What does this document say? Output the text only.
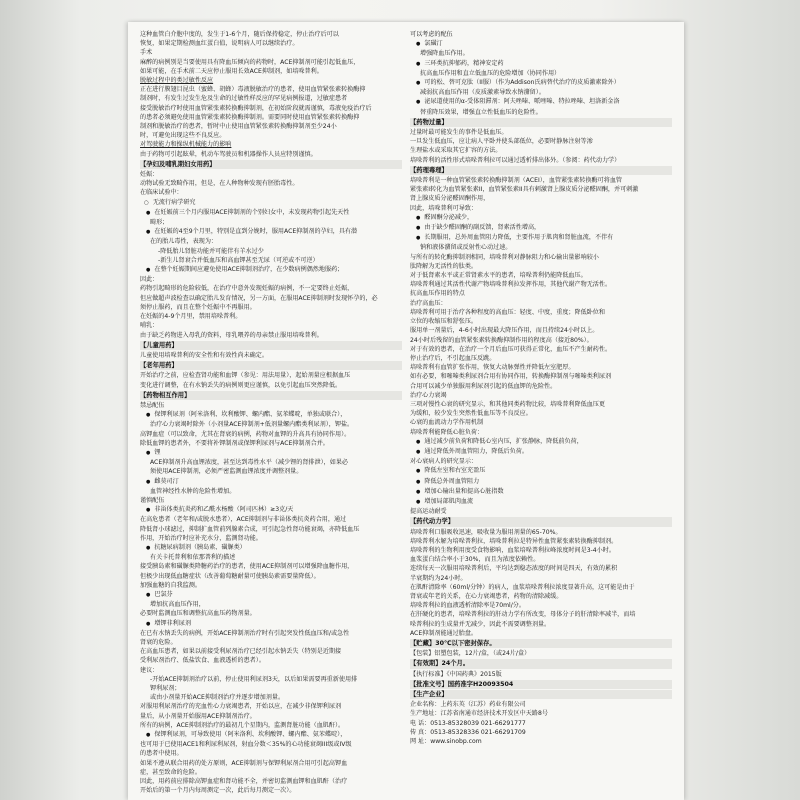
这种血管白介胞中度的，发生于1-6个月，随后保持稳定，停止治疗后可以
恢复，如果定期检测血红蛋白值，说明病人可以继续治疗。
手术
麻醉的病例别是当要使用具有降血压倾向的药物时，ACE抑制剂可能引起低血压，
如果可能，在手术前二天应停止服用长效ACE抑制剂，如培哚普利。
脱敏过程中的类过敏性反应
正在进行膜翅目昆虫（蜜蜂、胡蜂）毒液脱敏治疗的患者，使用血管紧张素转换酶抑
制剂时，有发生过发生危及生命的过敏性样反应的罕见病例报道，过敏症患者
接受脱敏治疗时使用血管紧张素转换酶抑制剂，在初始阶段就需谨慎，毒液免疫治疗后
的患者必须避免使用血管紧张素转换酶抑制剂。需要同时使用血管紧张素转换酶抑
制剂和脱敏治疗的患者，暂时中止使用血管紧张素转换酶抑制剂至少24小
时，可避免出现这些不良反应。
对驾驶能力和操纵机械能力的影响
由于药物可引起眩晕，机动车驾驶员和机器操作人员应特别谨慎。
【孕妇及哺乳期妇女用药】
妊娠：
动物试验无致畸作用，但是，在人种物种发现有胚胎毒性。
在临床试验中：
○ 无流行病学研究
● 在妊娠前三个月内服用ACE抑制剂的个别妇女中，未发现药物引起先天性
畸形；
● 在妊娠的4至9个月里，特别是直到分娩时，服用ACE抑制剂的孕妇，具有潜
在的胎儿毒性，表现为：
-降低胎儿肾脏功能并可能伴有羊水过少
-新生儿肾衰合并低血压和高血钾甚至无尿（可逆或不可逆）
● 在整个妊娠期间应避免使用ACE抑制剂治疗，在少数病例偶然地服药；
因此：
药物引起畸形的危险较低，在治疗中意外发现妊娠的病例，不一定要终止妊娠，
但应做超声波检查以确定胎儿发育情况，另一方面，在服用ACE抑制剂时发现怀孕的，必
须停止服药，而且在整个妊娠中不再服用。
在妊娠的4-9个月里，禁用培哚普利。
哺乳：
由于缺乏药物进入母乳的资料，母乳喂养的母亲禁止服用培哚普利。
【儿童用药】
儿童使用培哚普利的安全性和有效性尚未确定。
【老年用药】
开始治疗之前，应检查肾功能和血钾（参见：用法用量），起始剂量应根据血压
变化进行调整，在有水钠丢失的病例则更应谨慎，以免引起血压突然降低。
【药物相互作用】
禁忌配伍
● 保钾利尿剂（阿米洛利、坎利酸钾、螺内酯、氨苯蝶啶，单独或联合），
治疗心力衰竭时除外（小剂量ACE抑制剂+低剂量螺内酯类利尿剂），钾盐。
高钾血症（可以致命，尤其在肾衰的病例，药物对血钾的升高具有协同作用）。
除低血钾的患者外，不要将补钾制剂或保钾利尿剂与ACE抑制剂合并。
● 锂
ACE抑制剂升高血锂浓度，甚至达到毒性水平（减少锂的肾排泄），如果必
须使用ACE抑制剂，必须严密监测血锂浓度并调整剂量。
● 雌莫司汀
血管神经性水肿的危险性增加。
谨慎配伍
● 非甾体类抗炎药和乙酰水杨酸（阿司匹林）≥3克/天
在高危患者（老年和/或脱水患者），ACE抑制剂与非甾体类抗炎药合用，通过
降低肾小球滤过，抑制扩血管前列腺素合成，可引起急性肾功能衰竭，亦降低血压
作用，开始治疗时应补充水分，监测肾功能。
● 抗糖尿病制剂（胰岛素、磺脲类）
有关卡托普利和依那普利的描述
接受胰岛素和磺脲类降糖药治疗的患者，使用ACE抑制剂可以增强降血糖作用，
但极少出现低血糖症状（改善葡萄糖耐量可使胰岛素需要量降低）。
加强血糖的自我监测。
● 巴氯芬
增加抗高血压作用，
必要时监测血压和调整抗高血压药物剂量。
● 增钾非利尿剂
在已有水钠丢失的病例，开始ACE抑制剂治疗时有引起突发性低血压和/或急性
肾衰的危险。
在高血压患者，如果以前接受利尿剂治疗已经引起水钠丢失（特别是近期接
受利尿剂治疗、低盐饮食、血液透析的患者）。
建议：
-开始ACE抑制剂治疗以前，停止使用利尿剂3天，以后如果需要再重新使用排
钾利尿剂；
或由小剂量开始ACE抑制剂治疗并逐步增加剂量。
对服用利尿剂治疗的充血性心力衰竭患者，开始以应，在减少非保钾利尿剂
量后，从小剂量开始服用ACE抑制剂治疗。
所有的病例，ACE抑制剂治疗的最初几个星期内，监测肾脏功能（血肌酐）。
● 保钾利尿剂，可导致使用（阿米洛利、坎利酸钾、螺内酯、氨苯蝶啶），
也可用于已使用ACE1和利尿利尿剂，射血分数＜35%的心功能衰竭III级或IV级
的患者中使用。
如果不遵从联合用药的处方原则，ACE抑制剂与保钾利尿剂合用可引起高钾血
症，甚至致命的危险。
因此，用药前应排除高钾血症和肾功能不全，并密切监测血钾和血肌酐（治疗
开始后的第一个月内每周测定一次，此后每月测定一次）。
可以考虑的配伍
● 氯磺汀
增强降血压作用。
● 三环类抗抑郁药，精神安定药
抗高血压作用和直立低血压的危险增加（协同作用）
● 可的松、替可克肽（ⅠⅠ服）（作为Addison氏病替代治疗的皮质激素除外）
减弱抗高血压作用（皮质激素导致水钠潴留）。
● 泌尿道使用的α-受体阻滞剂：阿夫唑嗪、哌唑嗪、特拉唑嗪、坦洛新金洛
替重降压效果，增强直立性低血压的危险性。
【药物过量】
过量时最可能发生的事件是低血压。
一旦发生低血压，应让病人平卧并使头部低位，必要时静脉注射等渗
生理盐水或采取其它扩容的方法。
培哚普利的活性形式培哚普利拉可以通过透析排出体外。（参阅：药代动力学）
【药理毒理】
培哚普利是一种血管紧张素转换酶抑制剂（ACEI），血管紧张素转换酶可将血管
紧张素I转化为血管紧张素II，血管紧张素II具有刺激肾上腺皮质分泌醛固酮，并可刺激
肾上腺皮质分泌醛固酮作用，
因此，培哚普利可导致：
● 醛固酮分泌减少，
● 由于缺少醛固酮的副反馈，肾素活性增高，
● 长期服用，总外周血管阻力降低，主要作用于肌肉和肾脏血流，不伴有
钠和液体潴留或反射性心动过速。
与所有的转化酶抑制剂相同，培哚普利对静脉阻力和心输出量影响较小
肽降解为无活性的肽类。
对于低肾素水平或正常肾素水平的患者，培哚普利仍能降低血压。
培哚普利通过其活性代谢产物培哚普利拉发挥作用，其他代谢产物无活性。
抗高血压作用的特点
治疗高血压：
培哚普利可用于治疗各种程度的高血压：轻度、中度，重度；降低卧位和
立位的收缩压和舒张压。
服用单一剂量后，4-6小时出现最大降压作用，而且持续24小时以上。
24小时后残留的血管紧张素转换酶抑制作用的程度高（接近80%）。
对于有效的患者，在治疗一个月后血压可获得正常化，血压不产生耐药性。
停止治疗后，不引起血压反跳。
培哚普利有血管扩张作用，恢复大动脉弹性并降低左室肥厚。
如有必要，和噻嗪类利尿剂合用有协同作用，转换酶抑制剂与噻嗪类利尿剂
合用可以减少单独服用利尿剂引起的低血钾的危险性。
治疗心力衰竭
三项对慢性心衰的研究显示，和其他同类药物比较，培哚普利降低血压更
为缓和，较少发生突然性低血压等不良反应。
心衰的血流动力学作用机制
培哚普利能降低心脏负荷：
● 通过减少前负荷和降低心室内压，扩张静脉，降低前负荷，
● 通过降低外周血管阻力，降低后负荷。
对心衰病人的研究显示：
● 降低左室和右室充盈压
● 降低总外周血管阻力
● 增加心输出量和提高心脏指数
● 增加局部肌肉血流
提高运动耐受
【药代动力学】
培哚普利口服吸收迅速，吸收量为服用剂量的65-70%。
培哚普利水解为培哚普利拉，培哚普利拉是特异性血管紧张素转换酶抑制剂。
培哚普利的生物利用度受食物影响，血浆培哚普利拉峰浓度时间是3-4小时。
血浆蛋白结合率小于30%，而且为浓度依赖性。
连续每天一次服用培哚普利后，平均达到稳态浓度的时间是四天，有效的累积
半衰期约为24小时。
在肌酐清除率（60ml/分钟）的病人，血浆培哚普利拉浓度显著升高，这可能是由于
肾衰或年老的关系，在心力衰竭患者，药物的清除减缓。
培哚普利拉的血液透析清除率是70ml/分。
在肝硬化的患者，培哚普利拉的肝动力学有所改变，母体分子的肝清除率减半，而培
哚普利拉的生成量并无减少，因此不需要调整剂量。
ACE抑制剂能通过胎盘。
【贮藏】30℃以下密封保存。
【包装】铝塑包装，12片/盒，（或24片/盒）
【有效期】24个月。
【执行标准】《中国药典》2015版
【批准文号】国药准字H20093504
【生产企业】
企业名称：上药东英（江苏）药业有限公司
生产地址：江苏省南通市经济技术开发区中天路8号
电 话：0513-85328039 021-66291777
传 真：0513-85328336 021-66291709
网 址：www.sinobp.com
